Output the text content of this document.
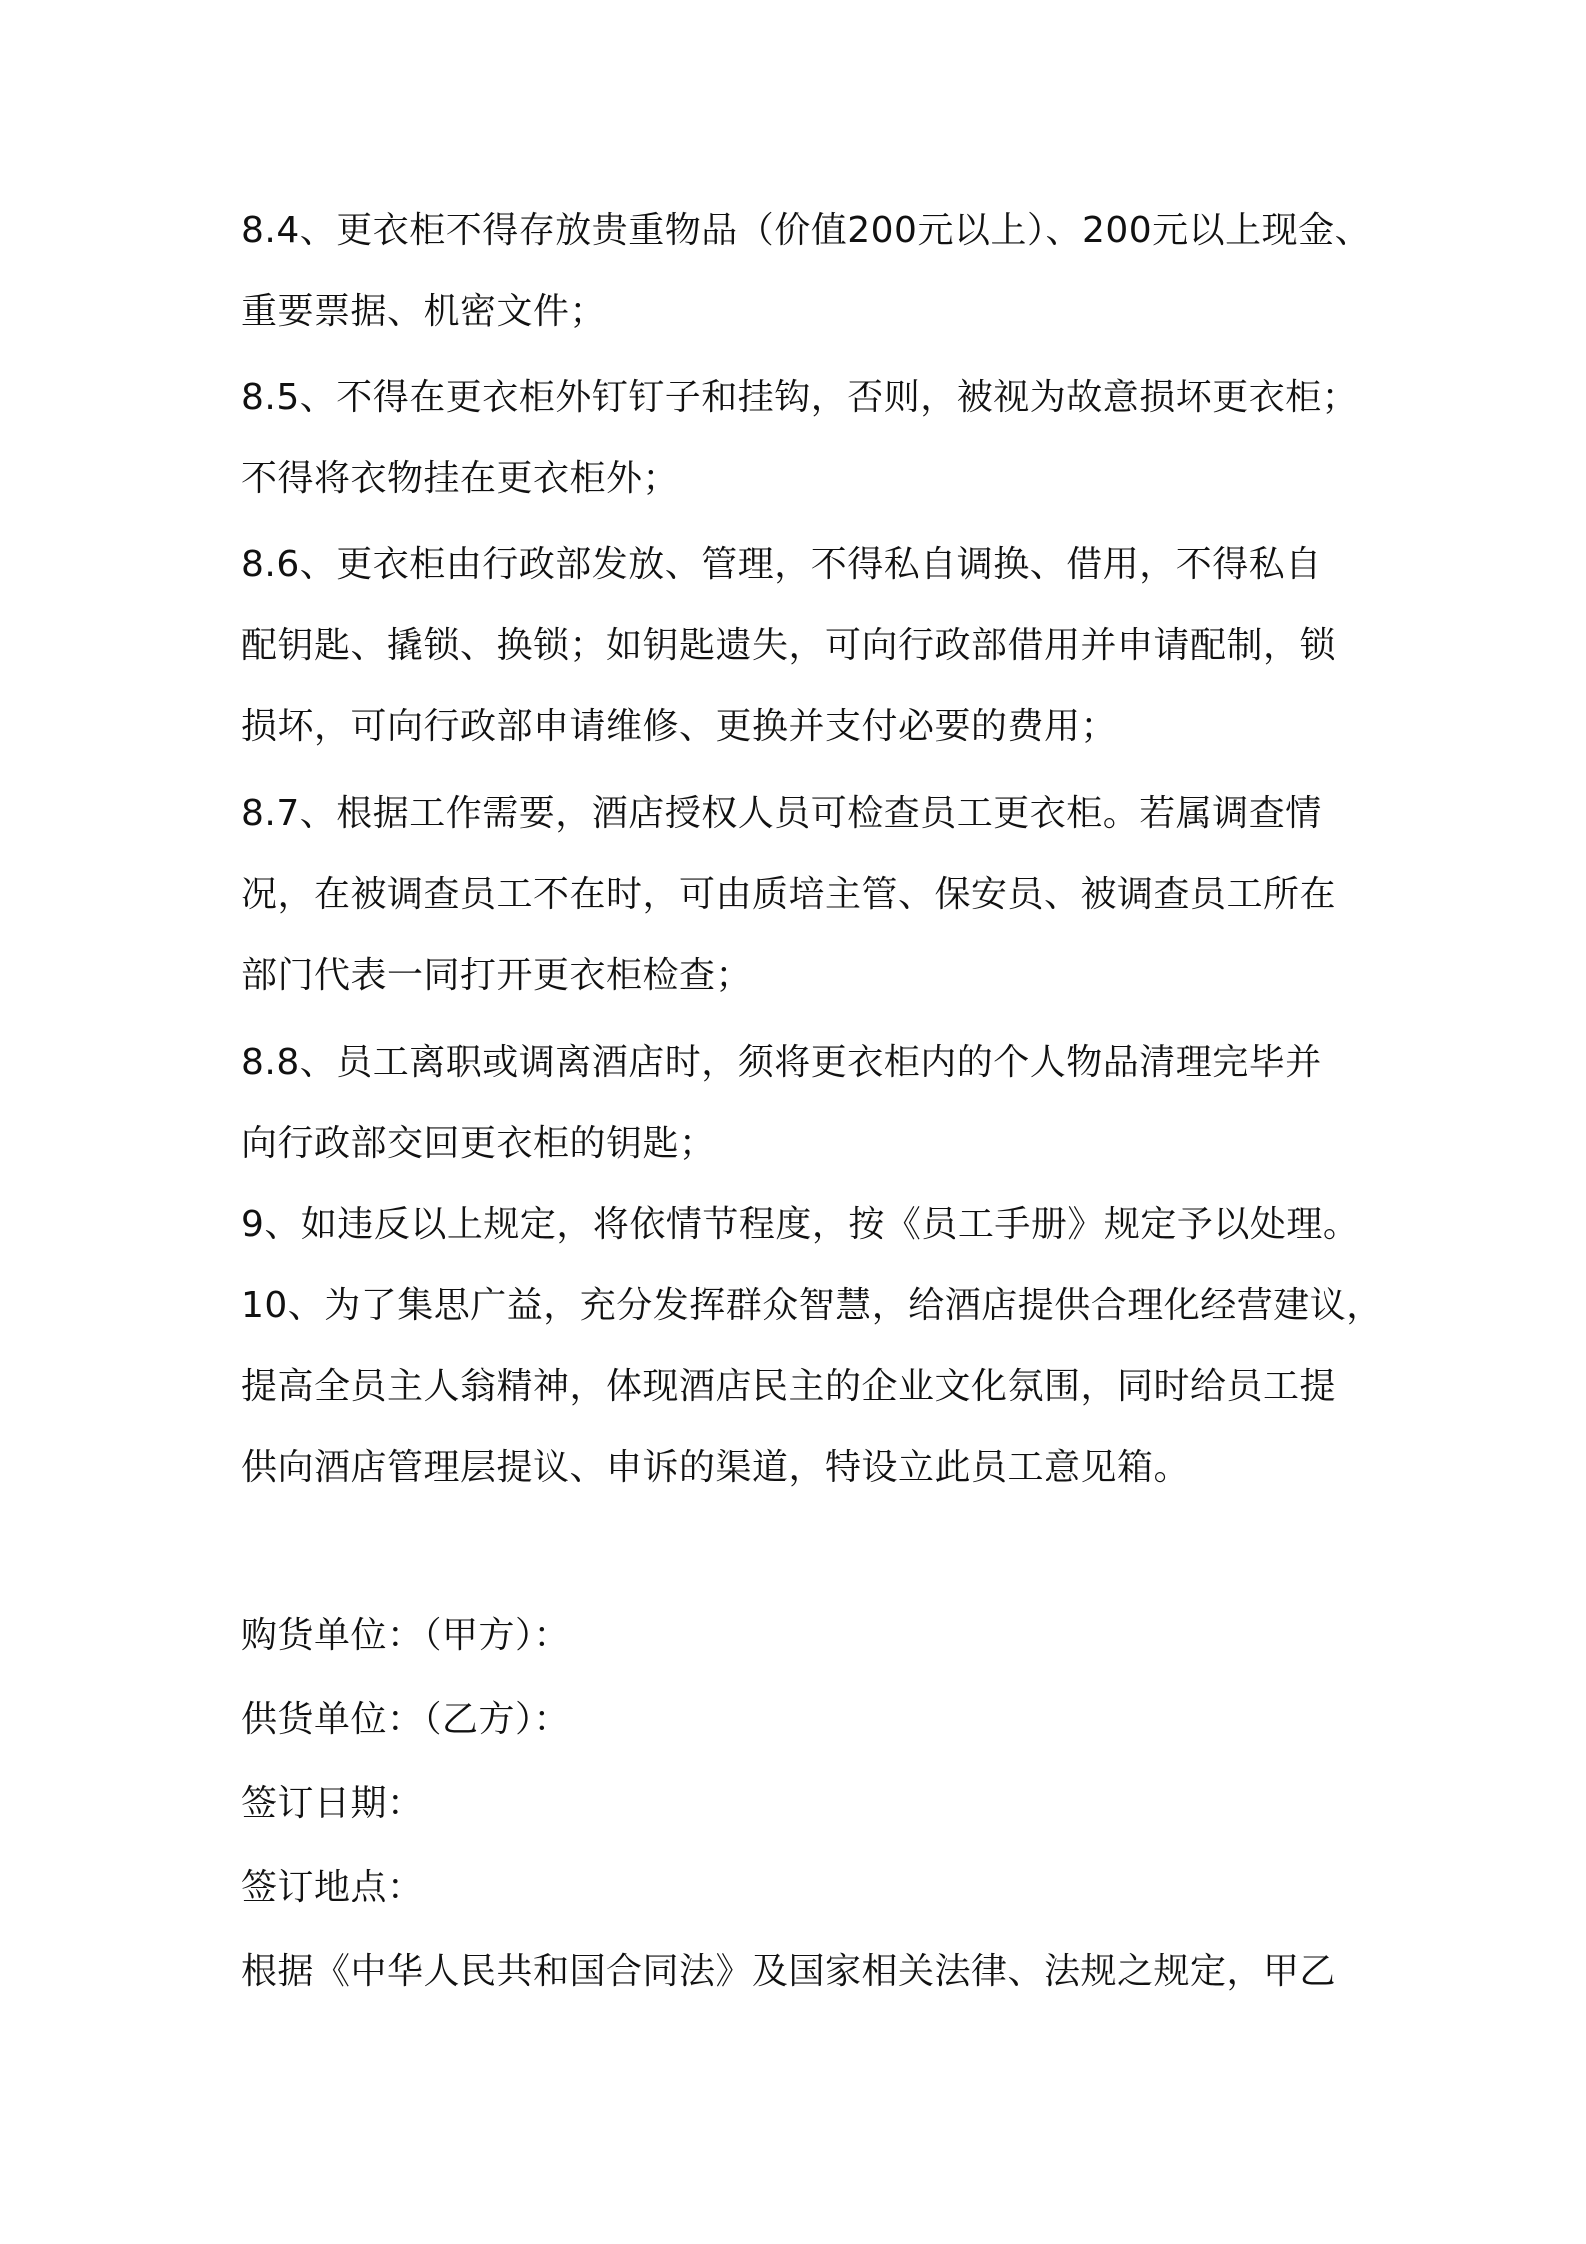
8.4、更衣柜不得存放贵重物品（价值200元以上）、200元以上现金、

重要票据、机密文件；

8.5、不得在更衣柜外钉钉子和挂钩，否则，被视为故意损坏更衣柜；

不得将衣物挂在更衣柜外；

8.6、更衣柜由行政部发放、管理，不得私自调换、借用，不得私自

配钥匙、撬锁、换锁；如钥匙遗失，可向行政部借用并申请配制，锁

损坏，可向行政部申请维修、更换并支付必要的费用；

8.7、根据工作需要，酒店授权人员可检查员工更衣柜。若属调查情

况，在被调查员工不在时，可由质培主管、保安员、被调查员工所在

部门代表一同打开更衣柜检查；

8.8、员工离职或调离酒店时，须将更衣柜内的个人物品清理完毕并

向行政部交回更衣柜的钥匙；

9、如违反以上规定，将依情节程度，按《员工手册》规定予以处理。

10、为了集思广益，充分发挥群众智慧，给酒店提供合理化经营建议，

提高全员主人翁精神，体现酒店民主的企业文化氛围，同时给员工提

供向酒店管理层提议、申诉的渠道，特设立此员工意见箱。

购货单位：（甲方）：

供货单位：（乙方）：

签订日期：

签订地点：

根据《中华人民共和国合同法》及国家相关法律、法规之规定，甲乙
